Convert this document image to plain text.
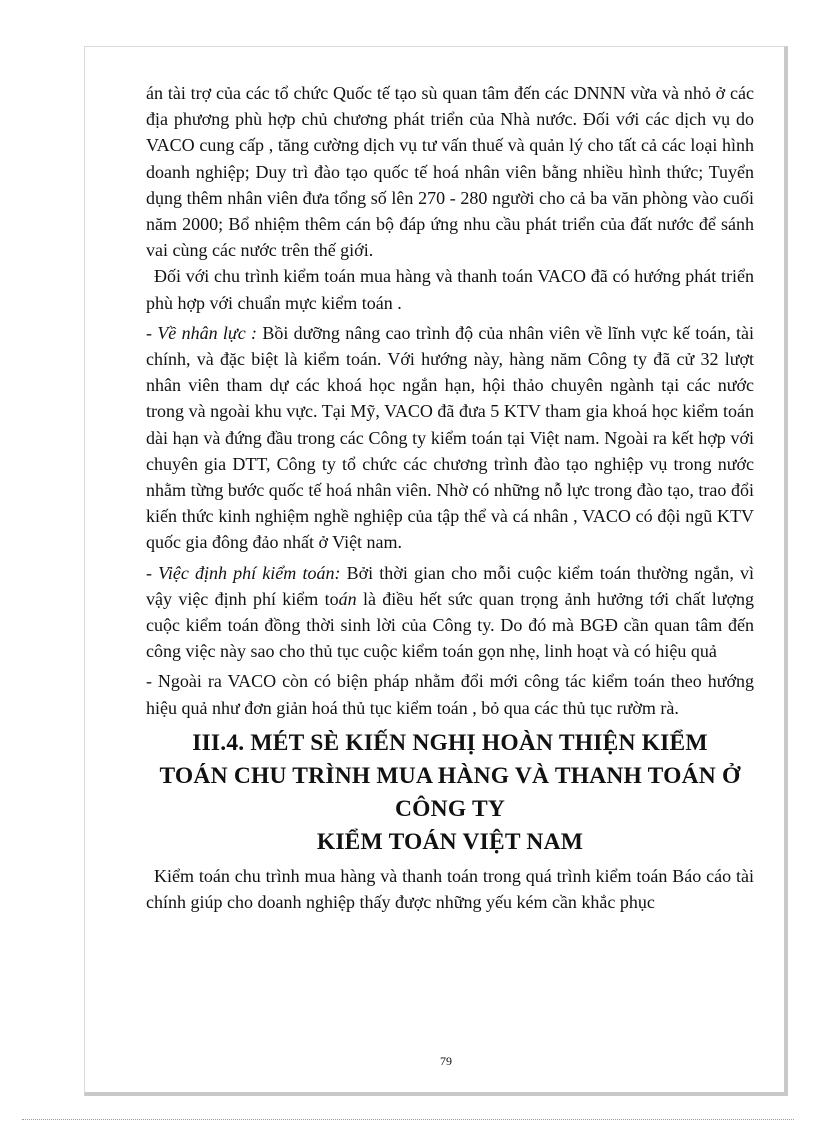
án tài trợ của các tổ chức Quốc tế tạo sù quan tâm đến các DNNN vừa và nhỏ ở các địa phương phù hợp chủ chương phát triển của Nhà nước. Đối với các dịch vụ do VACO cung cấp , tăng cường dịch vụ tư vấn thuế và quản lý cho tất cả các loại hình doanh nghiệp; Duy trì đào tạo quốc tế hoá nhân viên bằng nhiều hình thức; Tuyển dụng thêm nhân viên đưa tổng số lên 270 - 280 người cho cả ba văn phòng vào cuối năm 2000; Bổ nhiệm thêm cán bộ đáp ứng nhu cầu phát triển của đất nước để sánh vai cùng các nước trên thế giới.

Đối với chu trình kiểm toán mua hàng và thanh toán VACO đã có hướng phát triển phù hợp với chuẩn mực kiểm toán .

- Về nhân lực : Bồi dưỡng nâng cao trình độ của nhân viên về lĩnh vực kế toán, tài chính, và đặc biệt là kiểm toán. Với hướng này, hàng năm Công ty đã cử 32 lượt nhân viên tham dự các khoá học ngắn hạn, hội thảo chuyên ngành tại các nước trong và ngoài khu vực. Tại Mỹ, VACO đã đưa 5 KTV tham gia khoá học kiểm toán dài hạn và đứng đầu trong các Công ty kiểm toán tại Việt nam. Ngoài ra kết hợp với chuyên gia DTT, Công ty tổ chức các chương trình đào tạo nghiệp vụ trong nước nhằm từng bước quốc tế hoá nhân viên. Nhờ có những nỗ lực trong đào tạo, trao đổi kiến thức kinh nghiệm nghề nghiệp của tập thể và cá nhân , VACO có đội ngũ KTV quốc gia đông đảo nhất ở Việt nam.

- Việc định phí kiểm toán: Bởi thời gian cho mỗi cuộc kiểm toán thường ngắn, vì vậy việc định phí kiểm toán là điều hết sức quan trọng ảnh hưởng tới chất lượng cuộc kiểm toán đồng thời sinh lời của Công ty. Do đó mà BGĐ cần quan tâm đến công việc này sao cho thủ tục cuộc kiểm toán gọn nhẹ, linh hoạt và có hiệu quả

- Ngoài ra VACO còn có biện pháp nhằm đổi mới công tác kiểm toán theo hướng hiệu quả như đơn giản hoá thủ tục kiểm toán , bỏ qua các thủ tục rườm rà.

III.4. MÉT SÈ KIẾN NGHỊ HOÀN THIỆN KIỂM
TOÁN CHU TRÌNH MUA HÀNG VÀ THANH TOÁN Ở
CÔNG TY
KIỂM TOÁN VIỆT NAM

Kiểm toán chu trình mua hàng và thanh toán trong quá trình kiểm toán Báo cáo tài chính giúp cho doanh nghiệp thấy được những yếu kém cần khắc phục

79
